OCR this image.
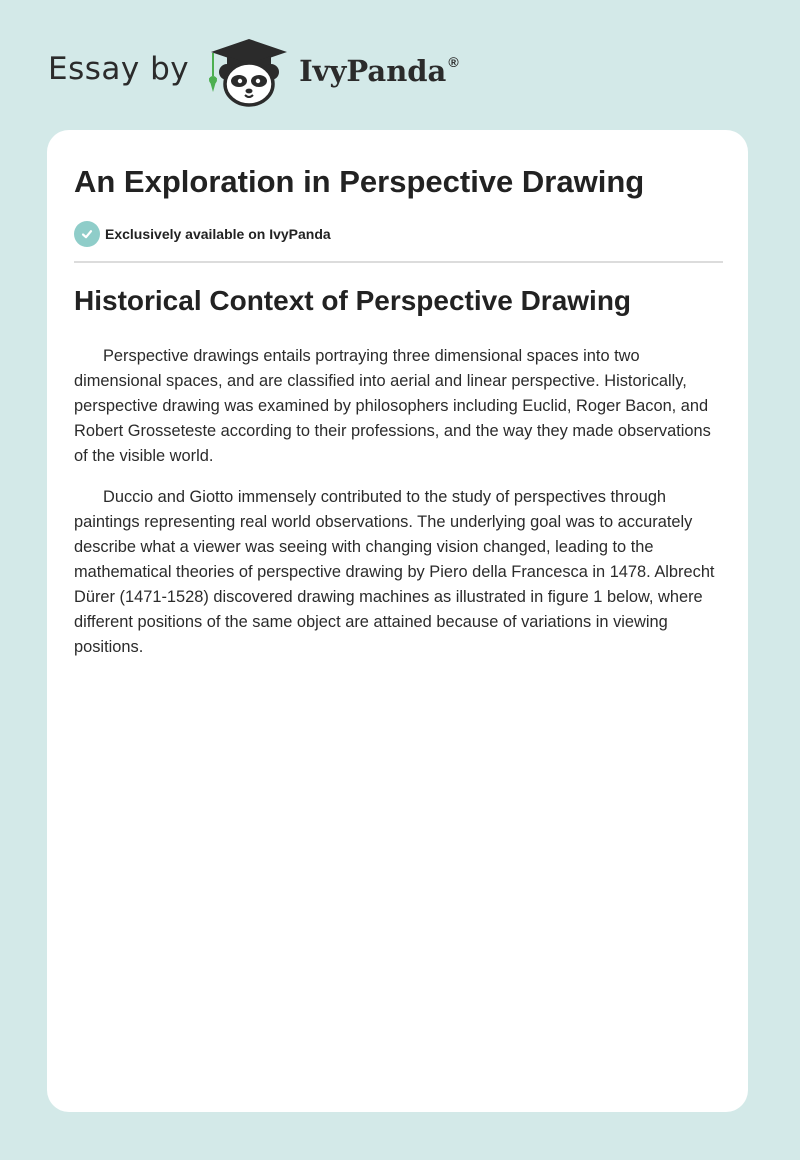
Essay by	IvyPanda ®
An Exploration in Perspective Drawing
Exclusively available on IvyPanda
Historical Context of Perspective Drawing

Perspective drawings entails portraying three dimensional spaces into two dimensional spaces, and are classified into aerial and linear perspective. Historically, perspective drawing was examined by philosophers including Euclid, Roger Bacon, and Robert Grosseteste according to their professions, and the way they made observations of the visible world.

Duccio and Giotto immensely contributed to the study of perspectives through paintings representing real world observations. The underlying goal was to accurately describe what a viewer was seeing with changing vision changed, leading to the mathematical theories of perspective drawing by Piero della Francesca in 1478. Albrecht Dürer (1471-1528) discovered drawing machines as illustrated in figure 1 below, where different positions of the same object are attained because of variations in viewing positions.
